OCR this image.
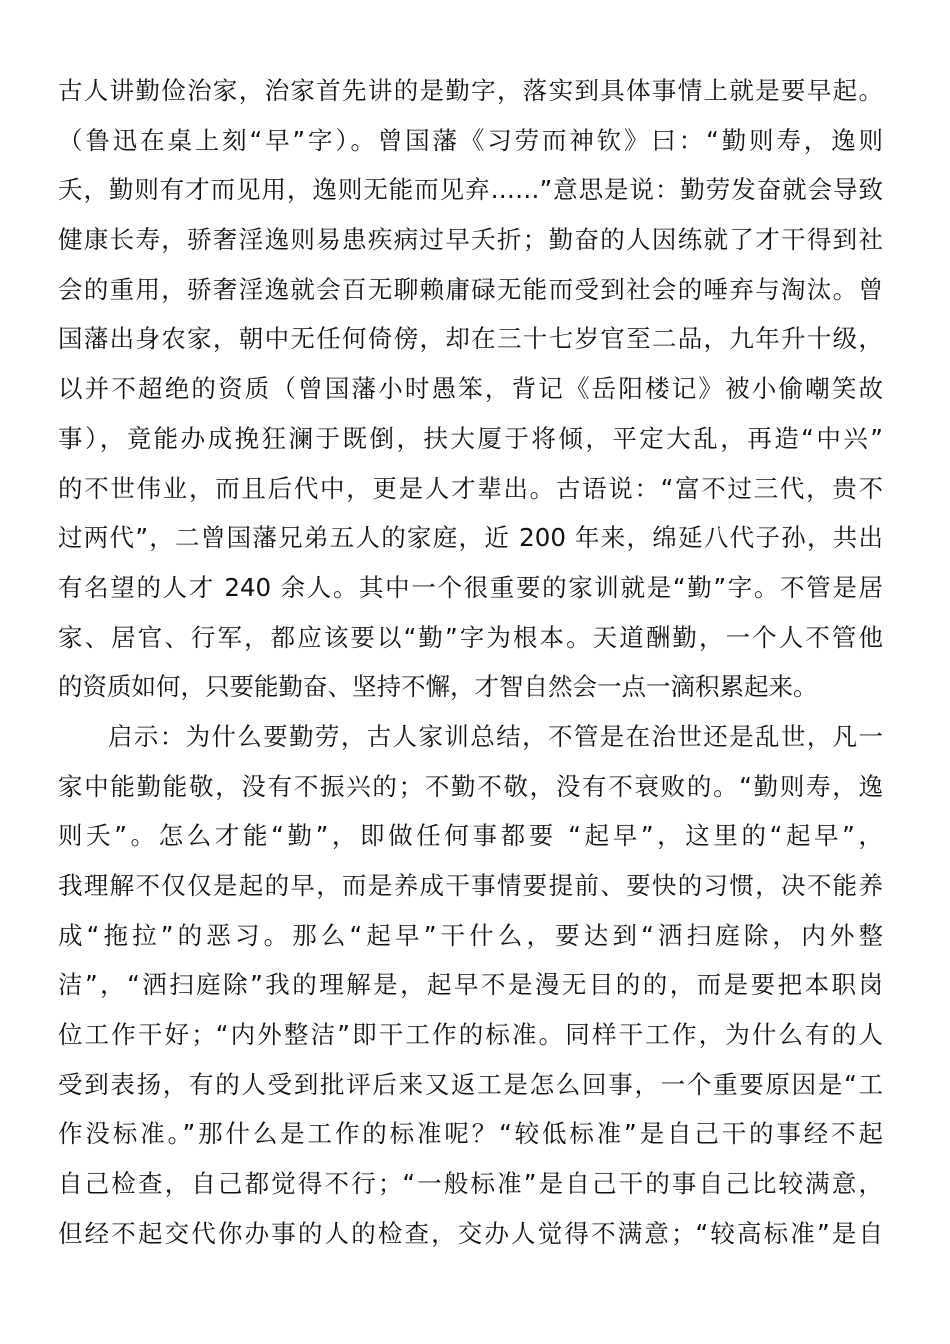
古人讲勤俭治家，治家首先讲的是勤字，落实到具体事情上就是要早起。
（鲁迅在桌上刻“早”字）。曾国藩《习劳而神钦》曰：“勤则寿，逸则
夭，勤则有才而见用，逸则无能而见弃……”意思是说：勤劳发奋就会导致
健康长寿，骄奢淫逸则易患疾病过早夭折；勤奋的人因练就了才干得到社
会的重用，骄奢淫逸就会百无聊赖庸碌无能而受到社会的唾弃与淘汰。曾
国藩出身农家，朝中无任何倚傍，却在三十七岁官至二品，九年升十级，
以并不超绝的资质（曾国藩小时愚笨，背记《岳阳楼记》被小偷嘲笑故
事），竟能办成挽狂澜于既倒，扶大厦于将倾，平定大乱，再造“中兴”
的不世伟业，而且后代中，更是人才辈出。古语说：“富不过三代，贵不
过两代”，二曾国藩兄弟五人的家庭，近 200 年来，绵延八代子孙，共出
有名望的人才 240 余人。其中一个很重要的家训就是“勤”字。不管是居
家、居官、行军，都应该要以“勤”字为根本。天道酬勤，一个人不管他
的资质如何，只要能勤奋、坚持不懈，才智自然会一点一滴积累起来。
启示：为什么要勤劳，古人家训总结，不管是在治世还是乱世，凡一
家中能勤能敬，没有不振兴的；不勤不敬，没有不衰败的。“勤则寿，逸
则夭”。怎么才能“勤”，即做任何事都要 “起早”，这里的“起早”，
我理解不仅仅是起的早，而是养成干事情要提前、要快的习惯，决不能养
成“拖拉”的恶习。那么“起早”干什么，要达到“洒扫庭除，内外整
洁”，“洒扫庭除”我的理解是，起早不是漫无目的的，而是要把本职岗
位工作干好；“内外整洁”即干工作的标准。同样干工作，为什么有的人
受到表扬，有的人受到批评后来又返工是怎么回事，一个重要原因是“工
作没标准。”那什么是工作的标准呢？“较低标准”是自己干的事经不起
自己检查，自己都觉得不行；“一般标准”是自己干的事自己比较满意，
但经不起交代你办事的人的检查，交办人觉得不满意；“较高标准”是自
